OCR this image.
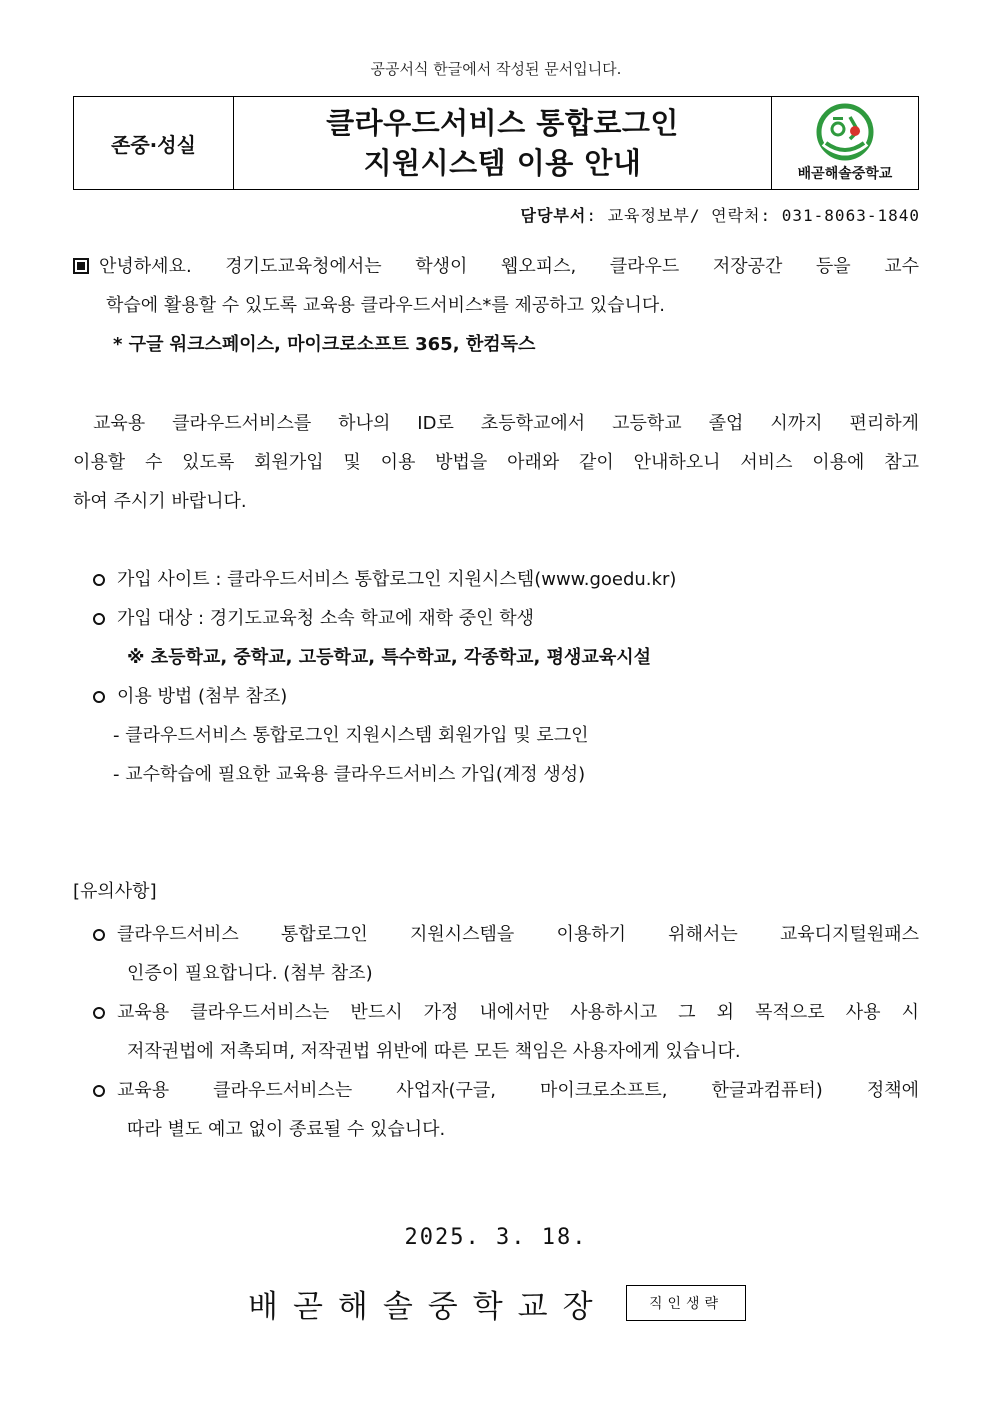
공공서식 한글에서 작성된 문서입니다.
존중·성실
클라우드서비스 통합로그인
지원시스템 이용 안내	배곧해솔중학교
담당부서: 교육정보부/ 연락처: 031-8063-1840
안녕하세요. 경기도교육청에서는 학생이 웹오피스, 클라우드 저장공간 등을 교수
학습에 활용할 수 있도록 교육용 클라우드서비스*를 제공하고 있습니다.
* 구글 워크스페이스, 마이크로소프트 365, 한컴독스
교육용 클라우드서비스를 하나의 ID로 초등학교에서 고등학교 졸업 시까지 편리하게
이용할 수 있도록 회원가입 및 이용 방법을 아래와 같이 안내하오니 서비스 이용에 참고
하여 주시기 바랍니다.
가입 사이트 : 클라우드서비스 통합로그인 지원시스템(www.goedu.kr)
가입 대상 : 경기도교육청 소속 학교에 재학 중인 학생
※ 초등학교, 중학교, 고등학교, 특수학교, 각종학교, 평생교육시설
이용 방법 (첨부 참조)
- 클라우드서비스 통합로그인 지원시스템 회원가입 및 로그인
- 교수학습에 필요한 교육용 클라우드서비스 가입(계정 생성)
[유의사항]
클라우드서비스 통합로그인 지원시스템을 이용하기 위해서는 교육디지털원패스
인증이 필요합니다. (첨부 참조)
교육용 클라우드서비스는 반드시 가정 내에서만 사용하시고 그 외 목적으로 사용 시
저작권법에 저촉되며, 저작권법 위반에 따른 모든 책임은 사용자에게 있습니다.
교육용 클라우드서비스는 사업자(구글, 마이크로소프트, 한글과컴퓨터) 정책에
따라 별도 예고 없이 종료될 수 있습니다.
2025. 3. 18.
배곧해솔중학교장	직인생략
